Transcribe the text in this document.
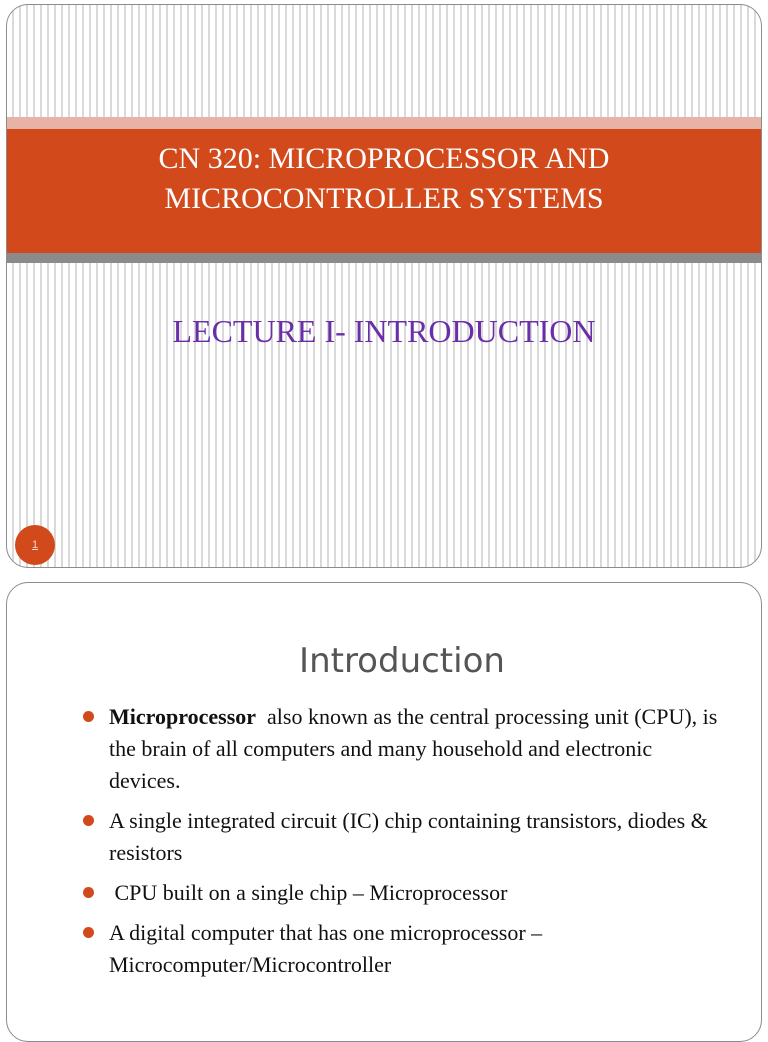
CN 320: MICROPROCESSOR AND
MICROCONTROLLER SYSTEMS
LECTURE I- INTRODUCTION
1
Introduction
Microprocessor  also known as the central processing unit (CPU), is the brain of all computers and many household and electronic devices.
A single integrated circuit (IC) chip containing transistors, diodes & resistors
CPU built on a single chip – Microprocessor
A digital computer that has one microprocessor – Microcomputer/Microcontroller
